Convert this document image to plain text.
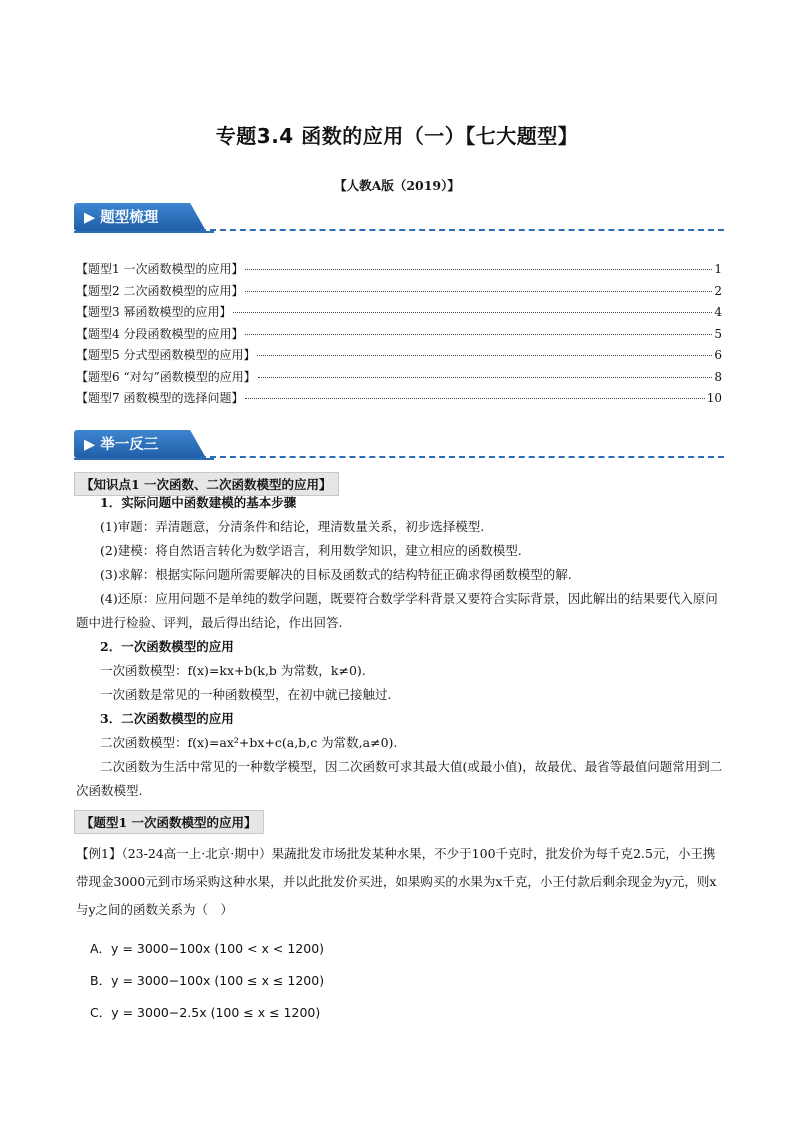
专题3.4 函数的应用（一）【七大题型】
【人教A版（2019）】
▶ 题型梳理
【题型1 一次函数模型的应用】	1
【题型2 二次函数模型的应用】	2
【题型3 幂函数模型的应用】	4
【题型4 分段函数模型的应用】	5
【题型5 分式型函数模型的应用】	6
【题型6 “对勾”函数模型的应用】	8
【题型7 函数模型的选择问题】	10
▶ 举一反三
【知识点1 一次函数、二次函数模型的应用】
1．实际问题中函数建模的基本步骤
(1)审题：弄清题意，分清条件和结论，理清数量关系，初步选择模型.
(2)建模：将自然语言转化为数学语言，利用数学知识，建立相应的函数模型.
(3)求解：根据实际问题所需要解决的目标及函数式的结构特征正确求得函数模型的解.
(4)还原：应用问题不是单纯的数学问题，既要符合数学学科背景又要符合实际背景，因此解出的结果要代入原问题中进行检验、评判，最后得出结论，作出回答.
2．一次函数模型的应用
一次函数模型：f(x)=kx+b(k,b 为常数，k≠0).
一次函数是常见的一种函数模型，在初中就已接触过.
3．二次函数模型的应用
二次函数模型：f(x)=ax²+bx+c(a,b,c 为常数,a≠0).
二次函数为生活中常见的一种数学模型，因二次函数可求其最大值(或最小值)，故最优、最省等最值问题常用到二次函数模型.
【题型1 一次函数模型的应用】
【例1】（23-24高一上·北京·期中）果蔬批发市场批发某种水果，不少于100千克时，批发价为每千克2.5元，小王携带现金3000元到市场采购这种水果，并以此批发价买进，如果购买的水果为x千克，小王付款后剩余现金为y元，则x与y之间的函数关系为（　）
A．y = 3000−100x (100 < x < 1200)
B．y = 3000−100x (100 ≤ x ≤ 1200)
C．y = 3000−2.5x (100 ≤ x ≤ 1200)
